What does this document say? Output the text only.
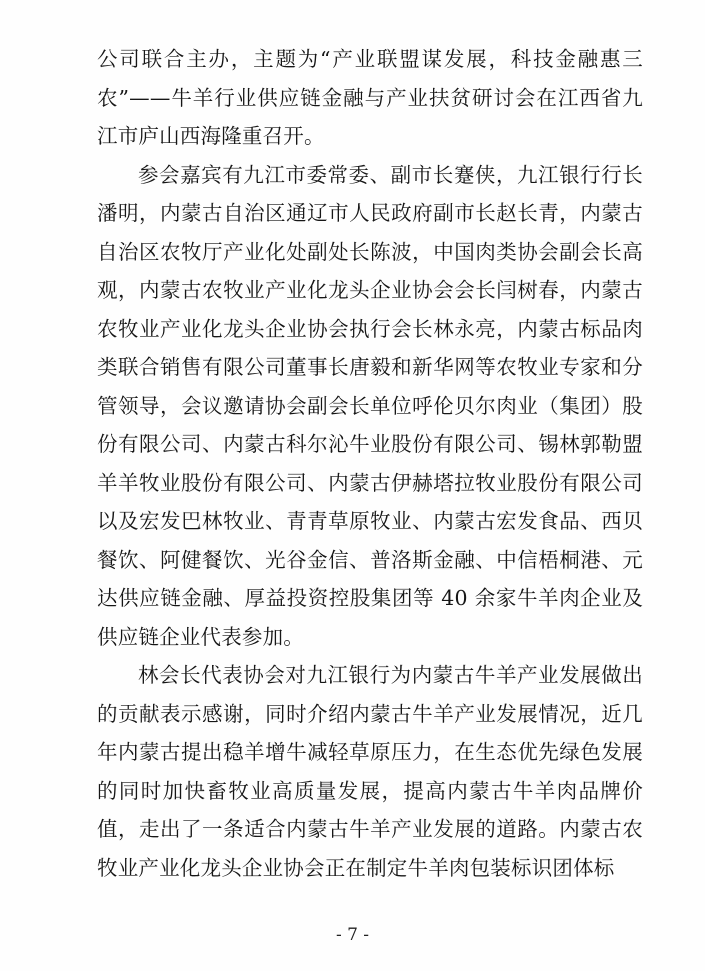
公司联合主办，主题为“产业联盟谋发展，科技金融惠三农”——牛羊行业供应链金融与产业扶贫研讨会在江西省九江市庐山西海隆重召开。

参会嘉宾有九江市委常委、副市长蹇侠，九江银行行长潘明，内蒙古自治区通辽市人民政府副市长赵长青，内蒙古自治区农牧厅产业化处副处长陈波，中国肉类协会副会长高观，内蒙古农牧业产业化龙头企业协会会长闫树春，内蒙古农牧业产业化龙头企业协会执行会长林永亮，内蒙古标品肉类联合销售有限公司董事长唐毅和新华网等农牧业专家和分管领导，会议邀请协会副会长单位呼伦贝尔肉业（集团）股份有限公司、内蒙古科尔沁牛业股份有限公司、锡林郭勒盟羊羊牧业股份有限公司、内蒙古伊赫塔拉牧业股份有限公司以及宏发巴林牧业、青青草原牧业、内蒙古宏发食品、西贝餐饮、阿健餐饮、光谷金信、普洛斯金融、中信梧桐港、元达供应链金融、厚益投资控股集团等 40 余家牛羊肉企业及供应链企业代表参加。

林会长代表协会对九江银行为内蒙古牛羊产业发展做出的贡献表示感谢，同时介绍内蒙古牛羊产业发展情况，近几年内蒙古提出稳羊增牛减轻草原压力，在生态优先绿色发展的同时加快畜牧业高质量发展，提高内蒙古牛羊肉品牌价值，走出了一条适合内蒙古牛羊产业发展的道路。内蒙古农牧业产业化龙头企业协会正在制定牛羊肉包装标识团体标

- 7 -
